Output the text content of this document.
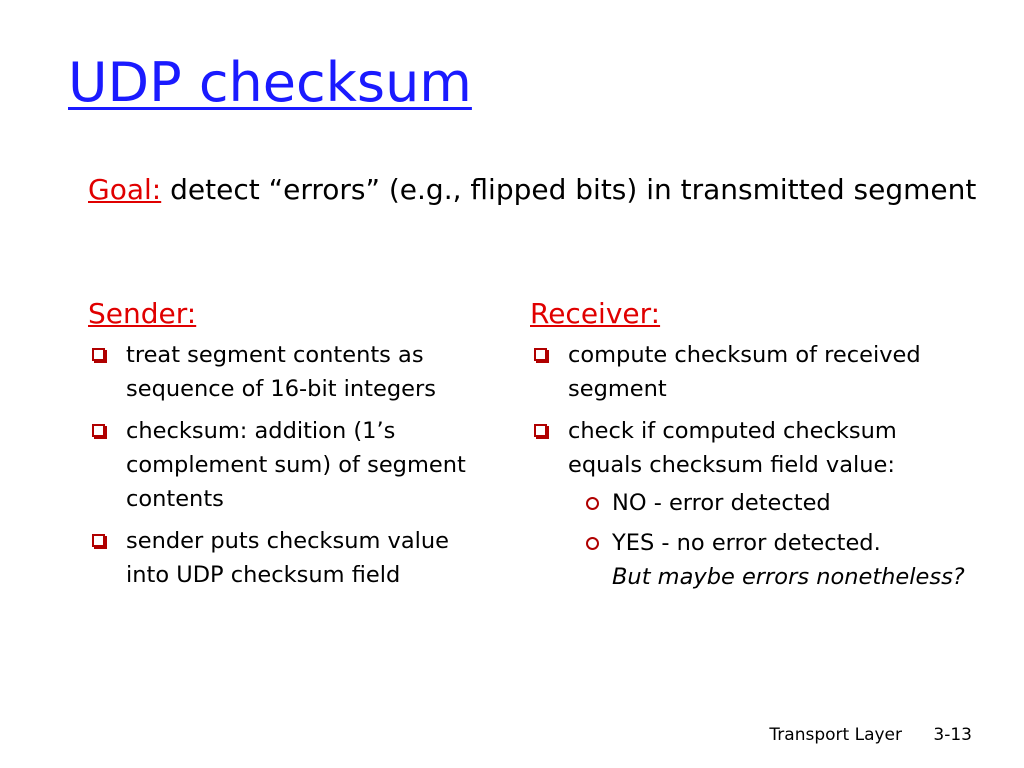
UDP checksum
Goal: detect “errors” (e.g., flipped bits) in transmitted segment
Sender:
treat segment contents as sequence of 16-bit integers
checksum: addition (1’s complement sum) of segment contents
sender puts checksum value into UDP checksum field
Receiver:
compute checksum of received segment
check if computed checksum equals checksum field value:
NO - error detected
YES - no error detected.
But maybe errors nonetheless?
Transport Layer 3-13
